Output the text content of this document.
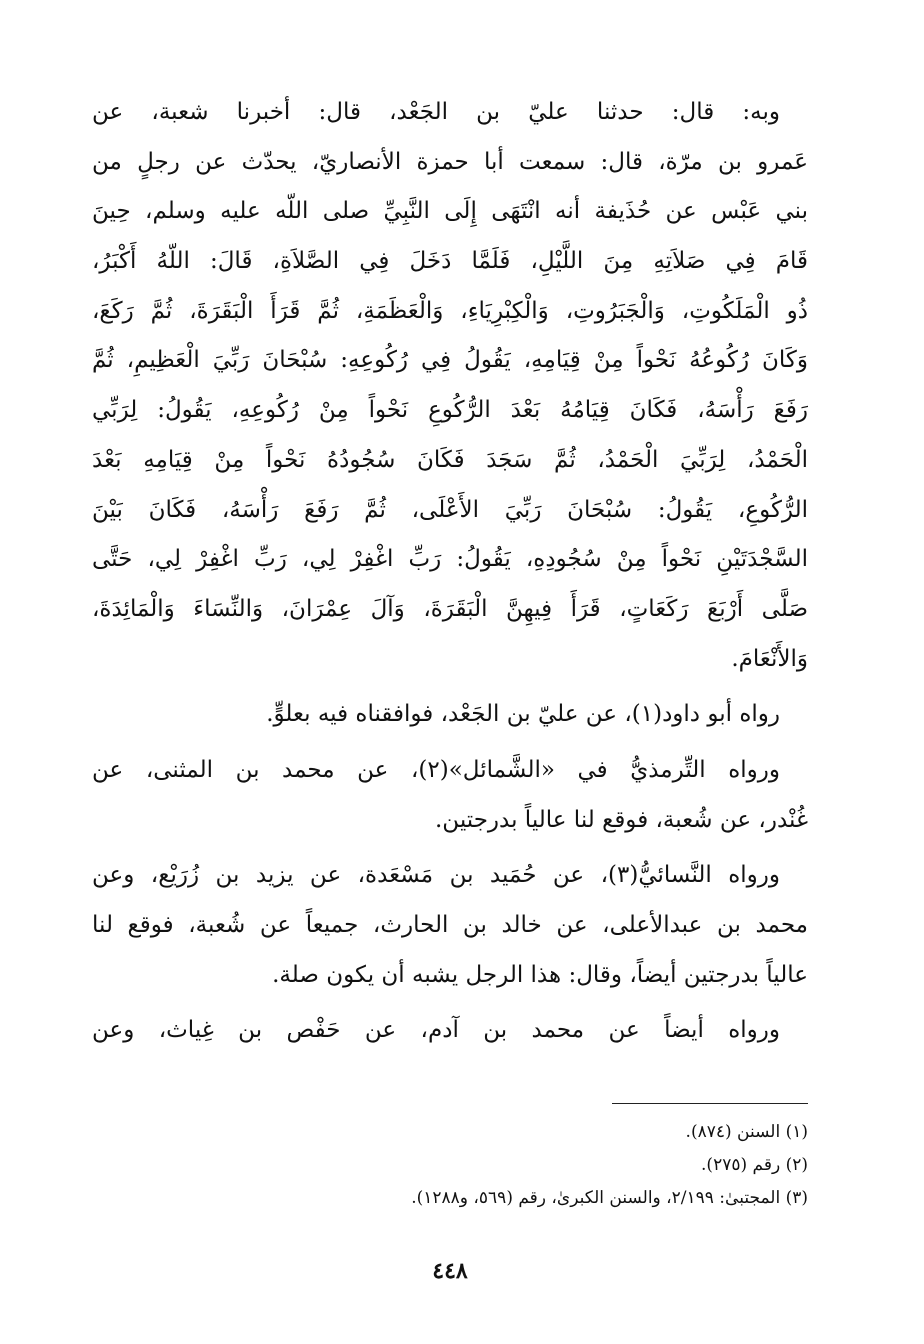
وبه: قال: حدثنا عليّ بن الجَعْد، قال: أخبرنا شعبة، عن
عَمرو بن مرّة، قال: سمعت أبا حمزة الأنصاريّ، يحدّث عن رجلٍ من
بني عَبْس عن حُذَيفة أنه انْتَهَى إِلَى النَّبِيِّ صلى اللّه عليه وسلم، حِينَ
قَامَ فِي صَلاَتِهِ مِنَ اللَّيْلِ، فَلَمَّا دَخَلَ فِي الصَّلاَةِ، قَالَ: اللّهُ أَكْبَرُ،
ذُو الْمَلَكُوتِ، وَالْجَبَرُوتِ، وَالْكِبْرِيَاءِ، وَالْعَظَمَةِ، ثُمَّ قَرَأَ الْبَقَرَةَ، ثُمَّ رَكَعَ،
وَكَانَ رُكُوعُهُ نَحْواً مِنْ قِيَامِهِ، يَقُولُ فِي رُكُوعِهِ: سُبْحَانَ رَبِّيَ الْعَظِيمِ، ثُمَّ
رَفَعَ رَأْسَهُ، فَكَانَ قِيَامُهُ بَعْدَ الرُّكُوعِ نَحْواً مِنْ رُكُوعِهِ، يَقُولُ: لِرَبِّي
الْحَمْدُ، لِرَبِّيَ الْحَمْدُ، ثُمَّ سَجَدَ فَكَانَ سُجُودُهُ نَحْواً مِنْ قِيَامِهِ بَعْدَ
الرُّكُوعِ، يَقُولُ: سُبْحَانَ رَبِّيَ الأَعْلَى، ثُمَّ رَفَعَ رَأْسَهُ، فَكَانَ بَيْنَ
السَّجْدَتَيْنِ نَحْواً مِنْ سُجُودِهِ، يَقُولُ: رَبِّ اغْفِرْ لِي، رَبِّ اغْفِرْ لِي، حَتَّى
صَلَّى أَرْبَعَ رَكَعَاتٍ، قَرَأَ فِيهِنَّ الْبَقَرَةَ، وَآلَ عِمْرَانَ، وَالنِّسَاءَ وَالْمَائِدَةَ،
وَالأَنْعَامَ.
رواه أبو داود(١)، عن عليّ بن الجَعْد، فوافقناه فيه بعلوٍّ.
ورواه التِّرمذيُّ في «الشَّمائل»(٢)، عن محمد بن المثنى، عن
غُنْدر، عن شُعبة، فوقع لنا عالياً بدرجتين.
ورواه النَّسائيُّ(٣)، عن حُمَيد بن مَسْعَدة، عن يزيد بن زُرَيْع، وعن
محمد بن عبدالأعلى، عن خالد بن الحارث، جميعاً عن شُعبة، فوقع لنا
عالياً بدرجتين أيضاً، وقال: هذا الرجل يشبه أن يكون صلة.
ورواه أيضاً عن محمد بن آدم، عن حَفْص بن غِياث، وعن
(١) السنن (٨٧٤).
(٢) رقم (٢٧٥).
(٣) المجتبىٰ: ٢/١٩٩، والسنن الكبرىٰ، رقم (٥٦٩، و١٢٨٨).
٤٤٨
